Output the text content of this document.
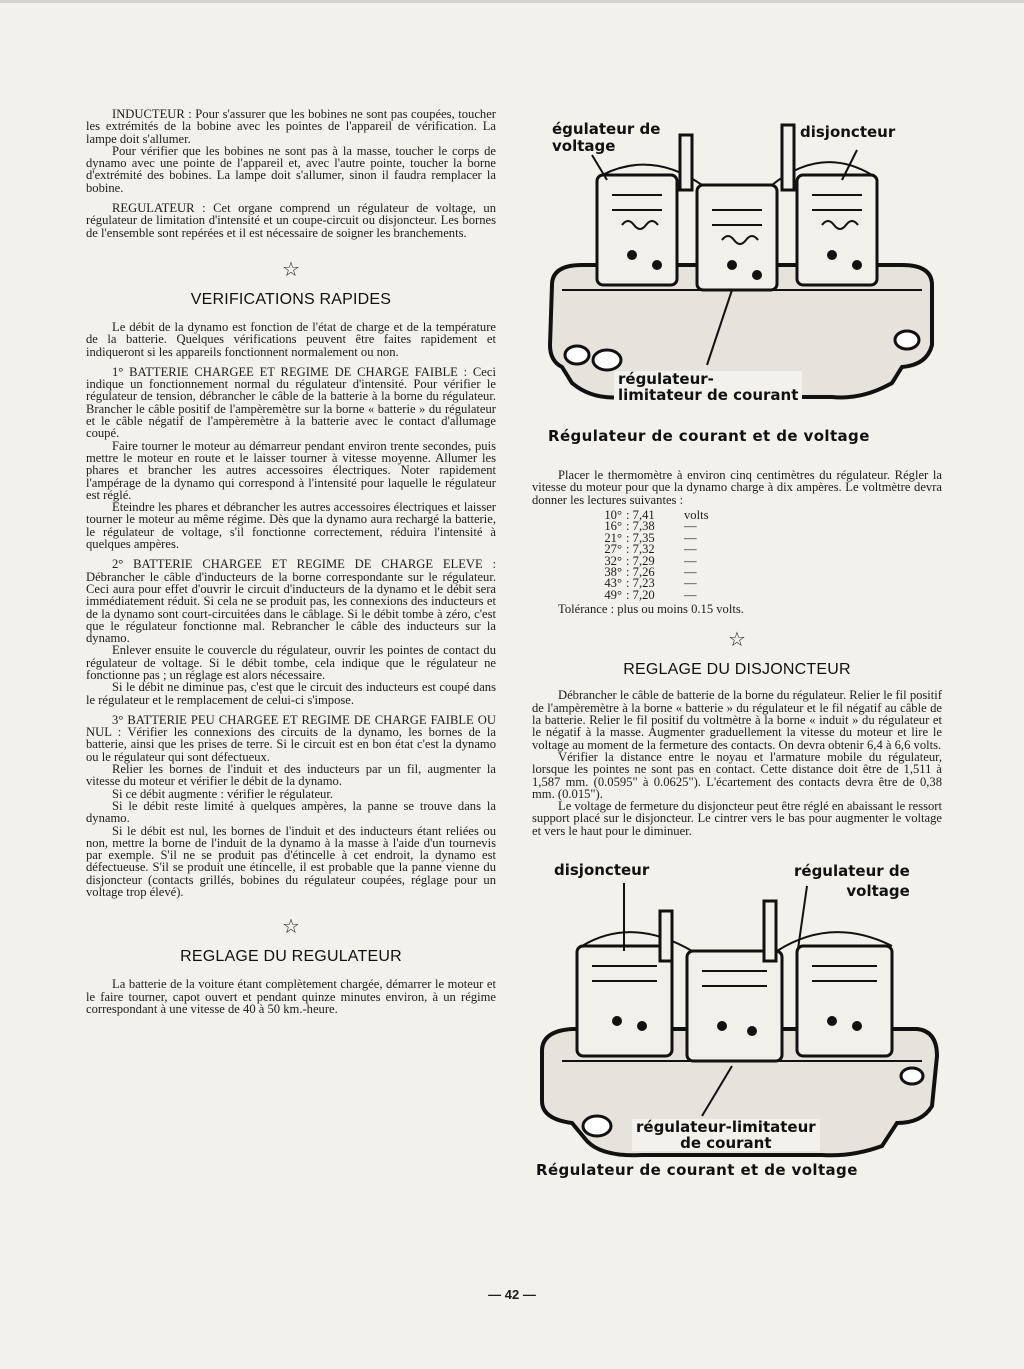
INDUCTEUR : Pour s'assurer que les bobines ne sont pas coupées, toucher les extrémités de la bobine avec les pointes de l'appareil de vérification. La lampe doit s'allumer.

Pour vérifier que les bobines ne sont pas à la masse, toucher le corps de dynamo avec une pointe de l'appareil et, avec l'autre pointe, toucher la borne d'extrémité des bobines. La lampe doit s'allumer, sinon il faudra remplacer la bobine.

REGULATEUR : Cet organe comprend un régulateur de voltage, un régulateur de limitation d'intensité et un coupe-circuit ou disjoncteur. Les bornes de l'ensemble sont repérées et il est nécessaire de soigner les branchements.

☆
VERIFICATIONS RAPIDES

Le débit de la dynamo est fonction de l'état de charge et de la température de la batterie. Quelques vérifications peuvent être faites rapidement et indiqueront si les appareils fonctionnent normalement ou non.

1° BATTERIE CHARGEE ET REGIME DE CHARGE FAIBLE : Ceci indique un fonctionnement normal du régulateur d'intensité. Pour vérifier le régulateur de tension, débrancher le câble de la batterie à la borne du régulateur. Brancher le câble positif de l'ampèremètre sur la borne « batterie » du régulateur et le câble négatif de l'ampèremètre à la batterie avec le contact d'allumage coupé.

Faire tourner le moteur au démarreur pendant environ trente secondes, puis mettre le moteur en route et le laisser tourner à vitesse moyenne. Allumer les phares et brancher les autres accessoires électriques. Noter rapidement l'ampérage de la dynamo qui correspond à l'intensité pour laquelle le régulateur est réglé.

Eteindre les phares et débrancher les autres accessoires électriques et laisser tourner le moteur au même régime. Dès que la dynamo aura rechargé la batterie, le régulateur de voltage, s'il fonctionne correctement, réduira l'intensité à quelques ampères.

2° BATTERIE CHARGEE ET REGIME DE CHARGE ELEVE : Débrancher le câble d'inducteurs de la borne correspondante sur le régulateur. Ceci aura pour effet d'ouvrir le circuit d'inducteurs de la dynamo et le débit sera immédiatement réduit. Si cela ne se produit pas, les connexions des inducteurs et de la dynamo sont court-circuitées dans le câblage. Si le débit tombe à zéro, c'est que le régulateur fonctionne mal. Rebrancher le câble des inducteurs sur la dynamo.

Enlever ensuite le couvercle du régulateur, ouvrir les pointes de contact du régulateur de voltage. Si le débit tombe, cela indique que le régulateur ne fonctionne pas ; un réglage est alors nécessaire.

Si le débit ne diminue pas, c'est que le circuit des inducteurs est coupé dans le régulateur et le remplacement de celui-ci s'impose.

3° BATTERIE PEU CHARGEE ET REGIME DE CHARGE FAIBLE OU NUL : Vérifier les connexions des circuits de la dynamo, les bornes de la batterie, ainsi que les prises de terre. Si le circuit est en bon état c'est la dynamo ou le régulateur qui sont défectueux.

Relier les bornes de l'induit et des inducteurs par un fil, augmenter la vitesse du moteur et vérifier le débit de la dynamo.

Si ce débit augmente : vérifier le régulateur.

Si le débit reste limité à quelques ampères, la panne se trouve dans la dynamo.

Si le débit est nul, les bornes de l'induit et des inducteurs étant reliées ou non, mettre la borne de l'induit de la dynamo à la masse à l'aide d'un tournevis par exemple. S'il ne se produit pas d'étincelle à cet endroit, la dynamo est défectueuse. S'il se produit une étincelle, il est probable que la panne vienne du disjoncteur (contacts grillés, bobines du régulateur coupées, réglage pour un voltage trop élevé).

☆
REGLAGE DU REGULATEUR

La batterie de la voiture étant complètement chargée, démarrer le moteur et le faire tourner, capot ouvert et pendant quinze minutes environ, à un régime correspondant à une vitesse de 40 à 50 km.-heure.

égulateur de
voltage
disjoncteur
régulateur-
limitateur de courant
Régulateur de courant et de voltage

Placer le thermomètre à environ cinq centimètres du régulateur. Régler la vitesse du moteur pour que la dynamo charge à dix ampères. Le voltmètre devra donner les lectures suivantes :

10° : 7,41	volts
16° : 7,38	—
21° : 7,35	—
27° : 7,32	—
32° : 7,29	—
38° : 7,26	—
43° : 7,23	—
49° : 7,20	—

Tolérance : plus ou moins 0.15 volts.

☆
REGLAGE DU DISJONCTEUR

Débrancher le câble de batterie de la borne du régulateur. Relier le fil positif de l'ampèremètre à la borne « batterie » du régulateur et le fil négatif au câble de la batterie. Relier le fil positif du voltmètre à la borne « induit » du régulateur et le négatif à la masse. Augmenter graduellement la vitesse du moteur et lire le voltage au moment de la fermeture des contacts. On devra obtenir 6,4 à 6,6 volts.

Vérifier la distance entre le noyau et l'armature mobile du régulateur, lorsque les pointes ne sont pas en contact. Cette distance doit être de 1,511 à 1,587 mm. (0.0595" à 0.0625"). L'écartement des contacts devra être de 0,38 mm. (0.015").

Le voltage de fermeture du disjoncteur peut être réglé en abaissant le ressort support placé sur le disjoncteur. Le cintrer vers le bas pour augmenter le voltage et vers le haut pour le diminuer.

disjoncteur	régulateur de
voltage
régulateur-limitateur
de courant
Régulateur de courant et de voltage
— 42 —
